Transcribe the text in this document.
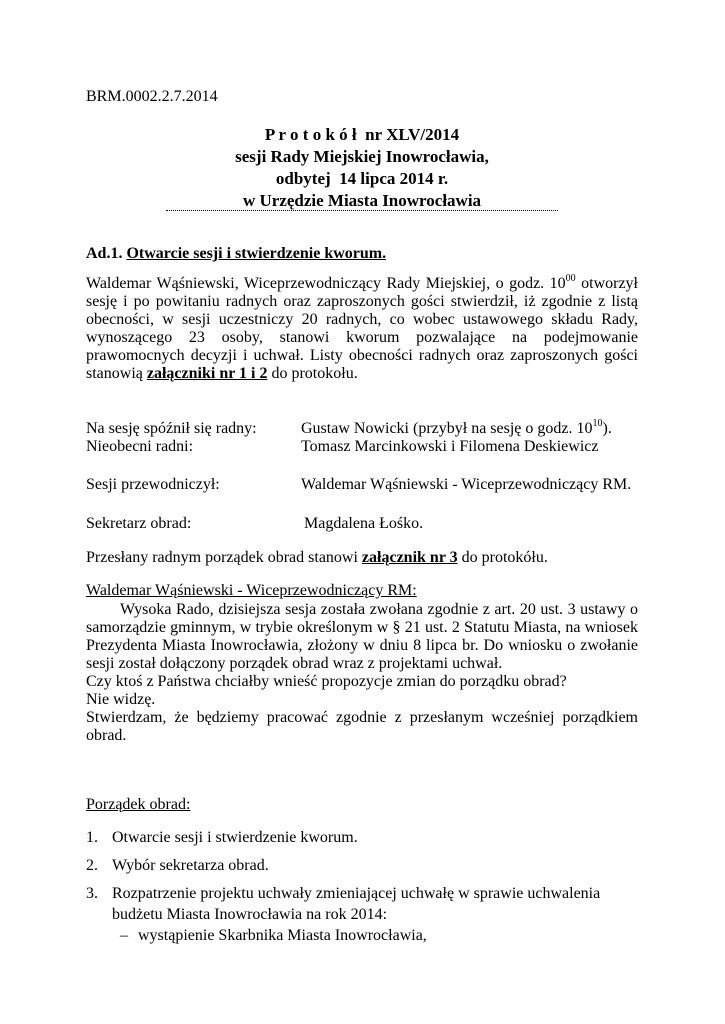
BRM.0002.2.7.2014
P r o t o k ó ł  nr XLV/2014
sesji Rady Miejskiej Inowrocławia,
odbytej  14 lipca 2014 r.
w Urzędzie Miasta Inowrocławia
Ad.1. Otwarcie sesji i stwierdzenie kworum.
Waldemar Wąśniewski, Wiceprzewodniczący Rady Miejskiej, o godz. $10^{00}$ otworzył sesję i po powitaniu radnych oraz zaproszonych gości stwierdził, iż zgodnie z listą obecności, w sesji uczestniczy 20 radnych, co wobec ustawowego składu Rady, wynoszącego 23 osoby, stanowi kworum pozwalające na podejmowanie prawomocnych decyzji i uchwał. Listy obecności radnych oraz zaproszonych gości stanowią załączniki nr 1 i 2 do protokołu.
Na sesję spóźnił się radny:	Gustaw Nowicki (przybył na sesję o godz. $10^{10}$).
Nieobecni radni:	Tomasz Marcinkowski i Filomena Deskiewicz
Sesji przewodniczył:	Waldemar Wąśniewski - Wiceprzewodniczący RM.
Sekretarz obrad:	Magdalena Łośko.
Przesłany radnym porządek obrad stanowi załącznik nr 3 do protokółu.
Waldemar Wąśniewski - Wiceprzewodniczący RM:
Wysoka Rado, dzisiejsza sesja została zwołana zgodnie z art. 20 ust. 3 ustawy o samorządzie gminnym, w trybie określonym w § 21 ust. 2 Statutu Miasta, na wniosek Prezydenta Miasta Inowrocławia, złożony w dniu 8 lipca br. Do wniosku o zwołanie sesji został dołączony porządek obrad wraz z projektami uchwał.
Czy ktoś z Państwa chciałby wnieść propozycje zmian do porządku obrad?
Nie widzę.
Stwierdzam, że będziemy pracować zgodnie z przesłanym wcześniej porządkiem obrad.
Porządek obrad:
1. Otwarcie sesji i stwierdzenie kworum.
2. Wybór sekretarza obrad.
3. Rozpatrzenie projektu uchwały zmieniającej uchwałę w sprawie uchwalenia budżetu Miasta Inowrocławia na rok 2014:
– wystąpienie Skarbnika Miasta Inowrocławia,
